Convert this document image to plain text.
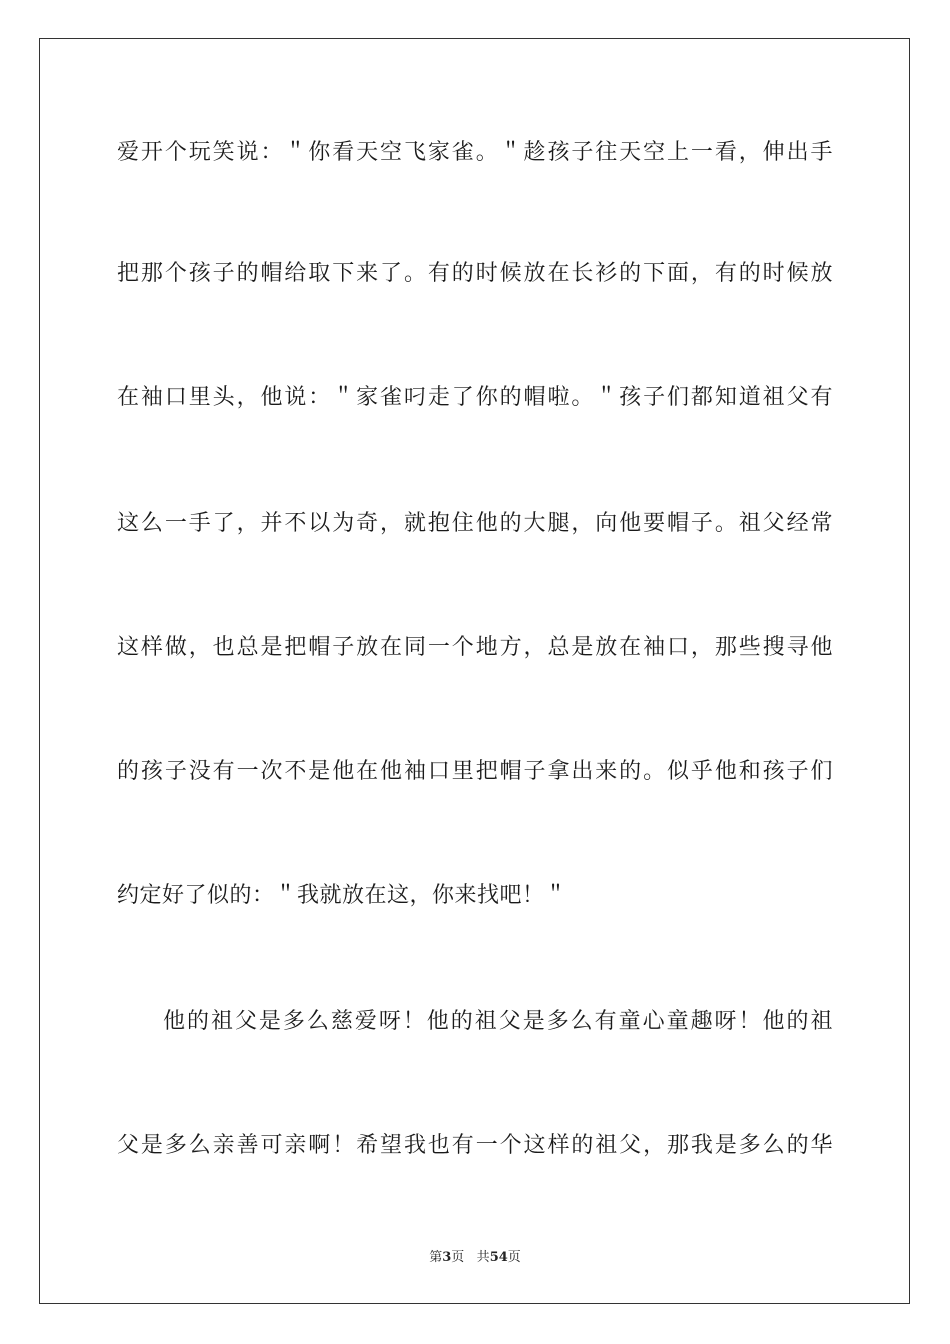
爱开个玩笑说：＂你看天空飞家雀。＂趁孩子往天空上一看，伸出手
把那个孩子的帽给取下来了。有的时候放在长衫的下面，有的时候放
在袖口里头，他说：＂家雀叼走了你的帽啦。＂孩子们都知道祖父有
这么一手了，并不以为奇，就抱住他的大腿，向他要帽子。祖父经常
这样做，也总是把帽子放在同一个地方，总是放在袖口，那些搜寻他
的孩子没有一次不是他在他袖口里把帽子拿出来的。似乎他和孩子们
约定好了似的：＂我就放在这，你来找吧！＂
他的祖父是多么慈爱呀！他的祖父是多么有童心童趣呀！他的祖
父是多么亲善可亲啊！希望我也有一个这样的祖父，那我是多么的华
第3页 共54页
